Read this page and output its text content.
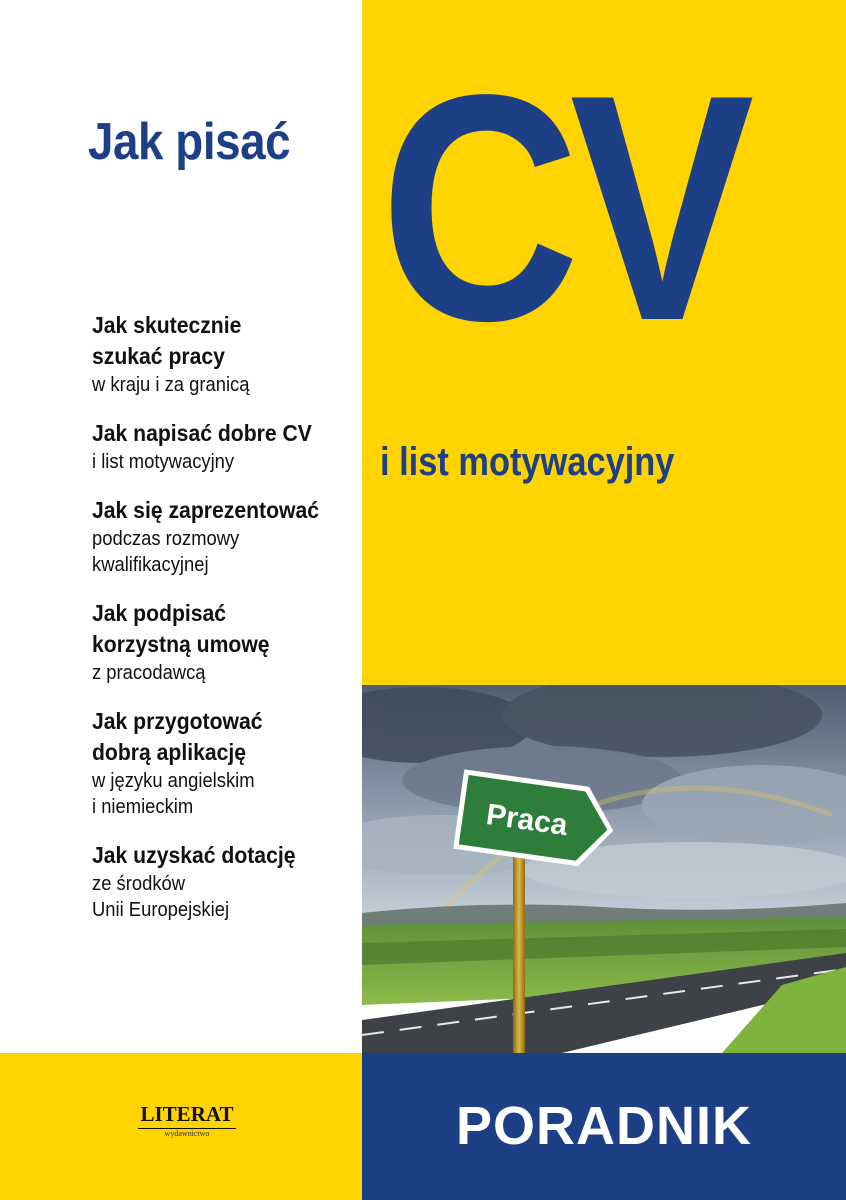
Jak pisać CV
i list motywacyjny
Jak skutecznie
szukać pracy
w kraju i za granicą
Jak napisać dobre CV
i list motywacyjny
Jak się zaprezentować
podczas rozmowy
kwalifikacyjnej
Jak podpisać
korzystną umowę
z pracodawcą
Jak przygotować
dobrą aplikację
w języku angielskim
i niemieckim
Jak uzyskać dotację
ze środków
Unii Europejskiej
Praca
PORADNIK
LITERAT
wydawnictwo
